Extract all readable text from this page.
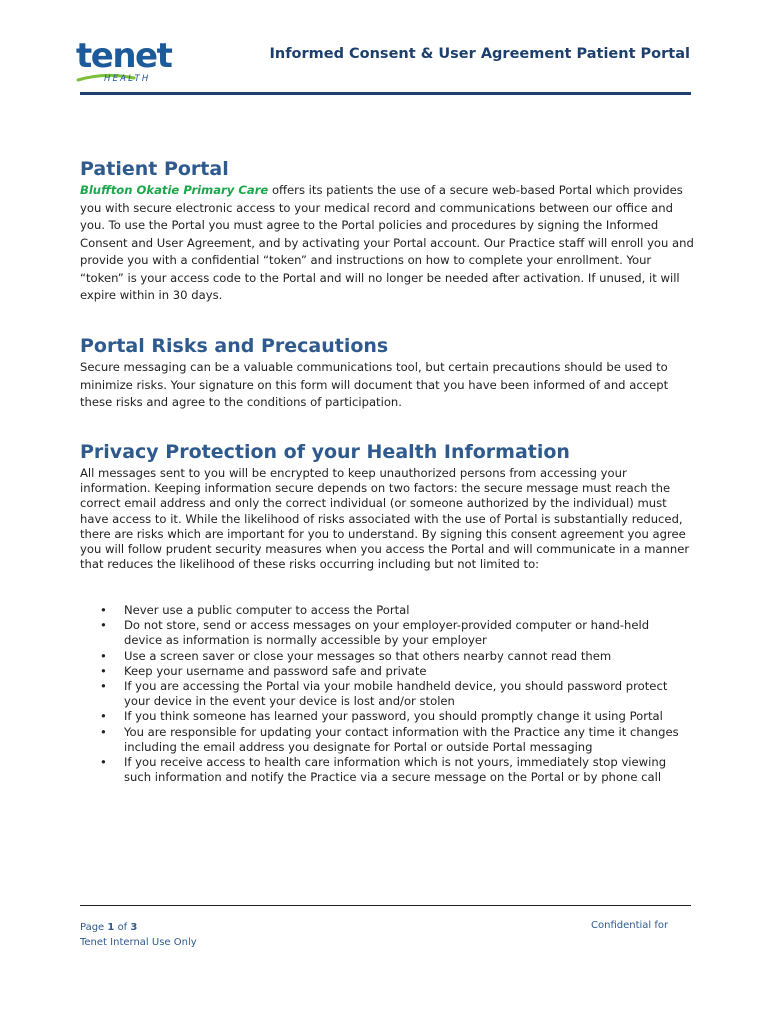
tenet
HEALTH
Informed Consent & User Agreement Patient Portal
Patient Portal

Bluffton Okatie Primary Care offers its patients the use of a secure web-based Portal which provides you with secure electronic access to your medical record and communications between our office and you. To use the Portal you must agree to the Portal policies and procedures by signing the Informed Consent and User Agreement, and by activating your Portal account. Our Practice staff will enroll you and provide you with a confidential “token” and instructions on how to complete your enrollment. Your “token” is your access code to the Portal and will no longer be needed after activation. If unused, it will expire within in 30 days.

Portal Risks and Precautions

Secure messaging can be a valuable communications tool, but certain precautions should be used to minimize risks. Your signature on this form will document that you have been informed of and accept these risks and agree to the conditions of participation.

Privacy Protection of your Health Information

All messages sent to you will be encrypted to keep unauthorized persons from accessing your information. Keeping information secure depends on two factors: the secure message must reach the correct email address and only the correct individual (or someone authorized by the individual) must have access to it. While the likelihood of risks associated with the use of Portal is substantially reduced, there are risks which are important for you to understand. By signing this consent agreement you agree you will follow prudent security measures when you access the Portal and will communicate in a manner that reduces the likelihood of these risks occurring including but not limited to:

• Never use a public computer to access the Portal
• Do not store, send or access messages on your employer-provided computer or hand-held device as information is normally accessible by your employer
• Use a screen saver or close your messages so that others nearby cannot read them
• Keep your username and password safe and private
• If you are accessing the Portal via your mobile handheld device, you should password protect your device in the event your device is lost and/or stolen
• If you think someone has learned your password, you should promptly change it using Portal
• You are responsible for updating your contact information with the Practice any time it changes including the email address you designate for Portal or outside Portal messaging
• If you receive access to health care information which is not yours, immediately stop viewing such information and notify the Practice via a secure message on the Portal or by phone call
Page 1 of 3
Tenet Internal Use Only
Confidential for
